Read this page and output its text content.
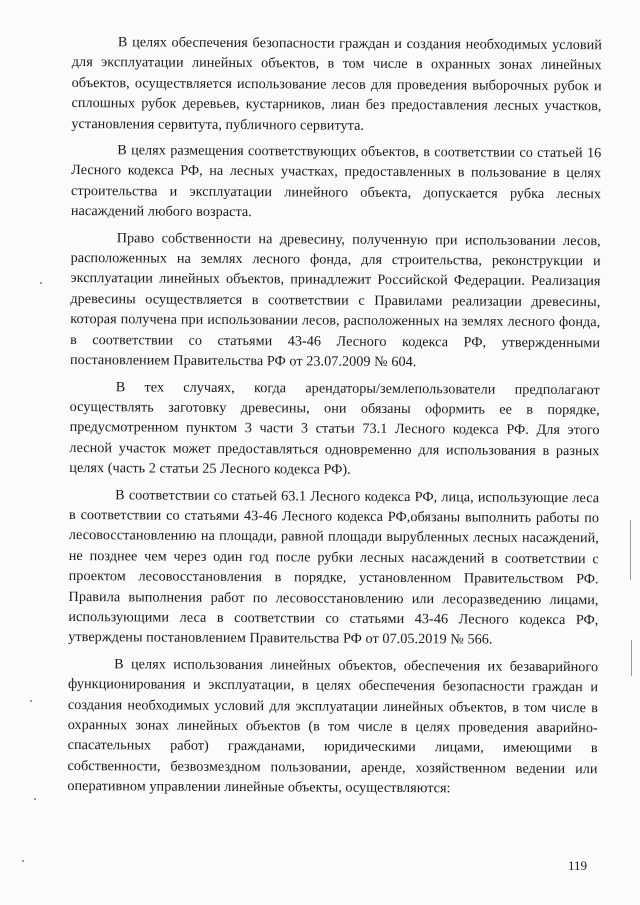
В целях обеспечения безопасности граждан и создания необходимых условий для эксплуатации линейных объектов, в том числе в охранных зонах линейных объектов, осуществляется использование лесов для проведения выборочных рубок и сплошных рубок деревьев, кустарников, лиан без предоставления лесных участков, установления сервитута, публичного сервитута.

В целях размещения соответствующих объектов, в соответствии со статьей 16 Лесного кодекса РФ, на лесных участках, предоставленных в пользование в целях строительства и эксплуатации линейного объекта, допускается рубка лесных насаждений любого возраста.

Право собственности на древесину, полученную при использовании лесов, расположенных на землях лесного фонда, для строительства, реконструкции и эксплуатации линейных объектов, принадлежит Российской Федерации. Реализация древесины осуществляется в соответствии с Правилами реализации древесины, которая получена при использовании лесов, расположенных на землях лесного фонда, в соответствии со статьями 43-46 Лесного кодекса РФ, утвержденными постановлением Правительства РФ от 23.07.2009 № 604.

В тех случаях, когда арендаторы/землепользователи предполагают осуществлять заготовку древесины, они обязаны оформить ее в порядке, предусмотренном пунктом 3 части 3 статьи 73.1 Лесного кодекса РФ. Для этого лесной участок может предоставляться одновременно для использования в разных целях (часть 2 статьи 25 Лесного кодекса РФ).

В соответствии со статьей 63.1 Лесного кодекса РФ, лица, использующие леса в соответствии со статьями 43-46 Лесного кодекса РФ,обязаны выполнить работы по лесовосстановлению на площади, равной площади вырубленных лесных насаждений, не позднее чем через один год после рубки лесных насаждений в соответствии с проектом лесовосстановления в порядке, установленном Правительством РФ. Правила выполнения работ по лесовосстановлению или лесоразведению лицами, использующими леса в соответствии со статьями 43-46 Лесного кодекса РФ, утверждены постановлением Правительства РФ от 07.05.2019 № 566.

В целях использования линейных объектов, обеспечения их безаварийного функционирования и эксплуатации, в целях обеспечения безопасности граждан и создания необходимых условий для эксплуатации линейных объектов, в том числе в охранных зонах линейных объектов (в том числе в целях проведения аварийно-спасательных работ) гражданами, юридическими лицами, имеющими в собственности, безвозмездном пользовании, аренде, хозяйственном ведении или оперативном управлении линейные объекты, осуществляются:

119
